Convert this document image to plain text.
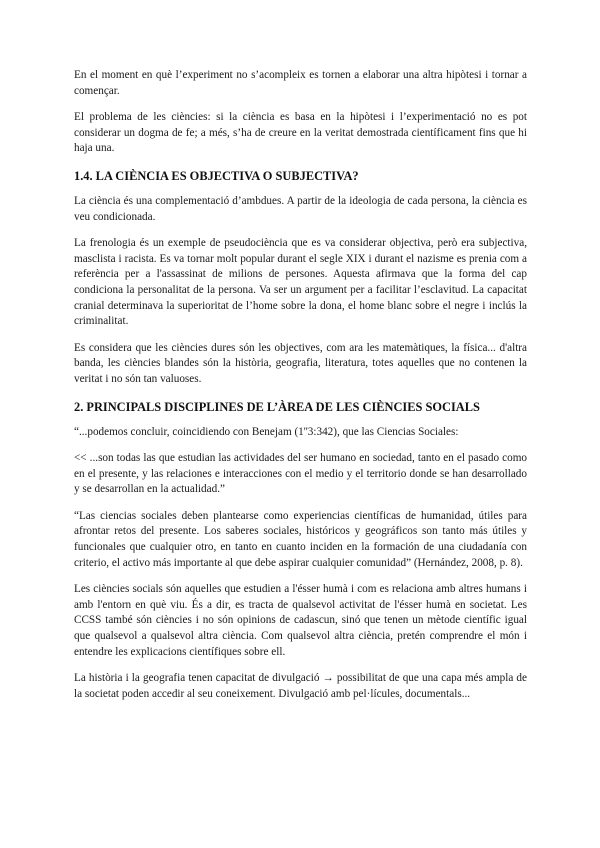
En el moment en què l’experiment no s’acompleix es tornen a elaborar una altra hipòtesi i tornar a començar.

El problema de les ciències: si la ciència es basa en la hipòtesi i l’experimentació no es pot considerar un dogma de fe; a més, s’ha de creure en la veritat demostrada científicament fins que hi haja una.

1.4. LA CIÈNCIA ES OBJECTIVA O SUBJECTIVA?

La ciència és una complementació d’ambdues. A partir de la ideologia de cada persona, la ciència es veu condicionada.

La frenologia és un exemple de pseudociència que es va considerar objectiva, però era subjectiva, masclista i racista. Es va tornar molt popular durant el segle XIX i durant el nazisme es prenia com a referència per a l'assassinat de milions de persones. Aquesta afirmava que la forma del cap condiciona la personalitat de la persona. Va ser un argument per a facilitar l’esclavitud. La capacitat cranial determinava la superioritat de l’home sobre la dona, el home blanc sobre el negre i inclús la criminalitat.

Es considera que les ciències dures són les objectives, com ara les matemàtiques, la física... d'altra banda, les ciències blandes són la història, geografia, literatura, totes aquelles que no contenen la veritat i no són tan valuoses.

2. PRINCIPALS DISCIPLINES DE L’ÀREA DE LES CIÈNCIES SOCIALS

“...podemos concluir, coincidiendo con Benejam (1''3:342), que las Ciencias Sociales:

<< ...son todas las que estudian las actividades del ser humano en sociedad, tanto en el pasado como en el presente, y las relaciones e interacciones con el medio y el territorio donde se han desarrollado y se desarrollan en la actualidad.”

“Las ciencias sociales deben plantearse como experiencias científicas de humanidad, útiles para afrontar retos del presente. Los saberes sociales, históricos y geográficos son tanto más útiles y funcionales que cualquier otro, en tanto en cuanto inciden en la formación de una ciudadanía con criterio, el activo más importante al que debe aspirar cualquier comunidad” (Hernández, 2008, p. 8).

Les ciències socials són aquelles que estudien a l'ésser humà i com es relaciona amb altres humans i amb l'entorn en què viu. És a dir, es tracta de qualsevol activitat de l'ésser humà en societat. Les CCSS també són ciències i no són opinions de cadascun, sinó que tenen un mètode científic igual que qualsevol a qualsevol altra ciència. Com qualsevol altra ciència, pretén comprendre el món i entendre les explicacions científiques sobre ell.

La història i la geografia tenen capacitat de divulgació → possibilitat de que una capa més ampla de la societat poden accedir al seu coneixement. Divulgació amb pel·lícules, documentals...
